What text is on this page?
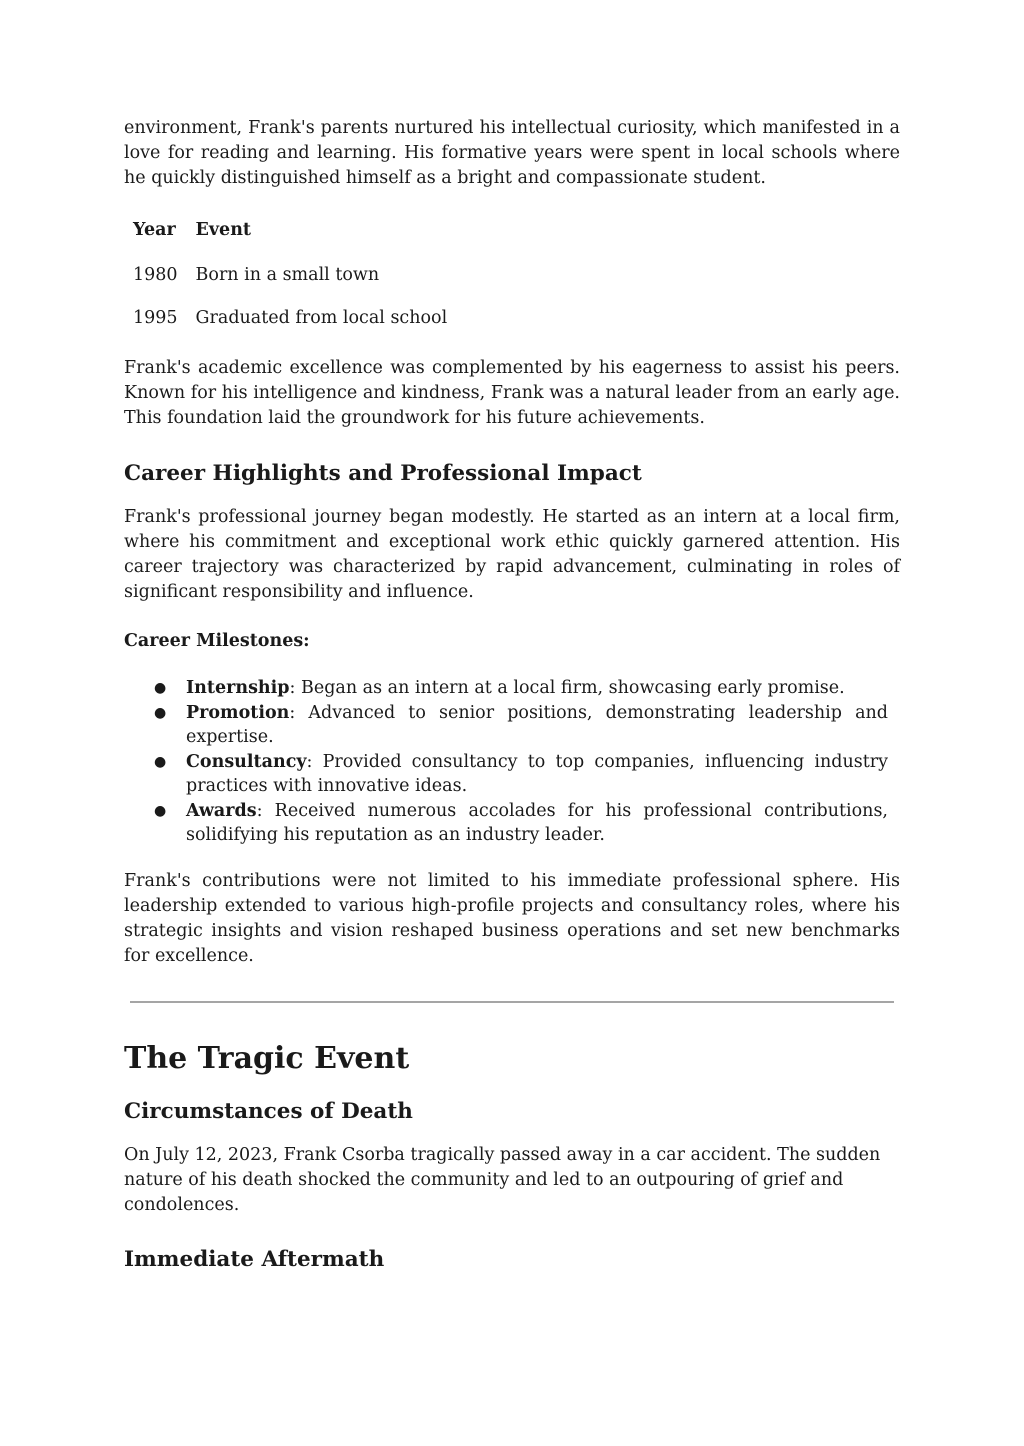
environment, Frank's parents nurtured his intellectual curiosity, which manifested in a love for reading and learning. His formative years were spent in local schools where he quickly distinguished himself as a bright and compassionate student.

Year	Event
1980	Born in a small town
1995	Graduated from local school

Frank's academic excellence was complemented by his eagerness to assist his peers. Known for his intelligence and kindness, Frank was a natural leader from an early age. This foundation laid the groundwork for his future achievements.

Career Highlights and Professional Impact

Frank's professional journey began modestly. He started as an intern at a local firm, where his commitment and exceptional work ethic quickly garnered attention. His career trajectory was characterized by rapid advancement, culminating in roles of significant responsibility and influence.

Career Milestones:

● Internship: Began as an intern at a local firm, showcasing early promise.
● Promotion: Advanced to senior positions, demonstrating leadership and expertise.
● Consultancy: Provided consultancy to top companies, influencing industry practices with innovative ideas.
● Awards: Received numerous accolades for his professional contributions, solidifying his reputation as an industry leader.

Frank's contributions were not limited to his immediate professional sphere. His leadership extended to various high-profile projects and consultancy roles, where his strategic insights and vision reshaped business operations and set new benchmarks for excellence.

The Tragic Event
Circumstances of Death

On July 12, 2023, Frank Csorba tragically passed away in a car accident. The sudden nature of his death shocked the community and led to an outpouring of grief and condolences.

Immediate Aftermath
